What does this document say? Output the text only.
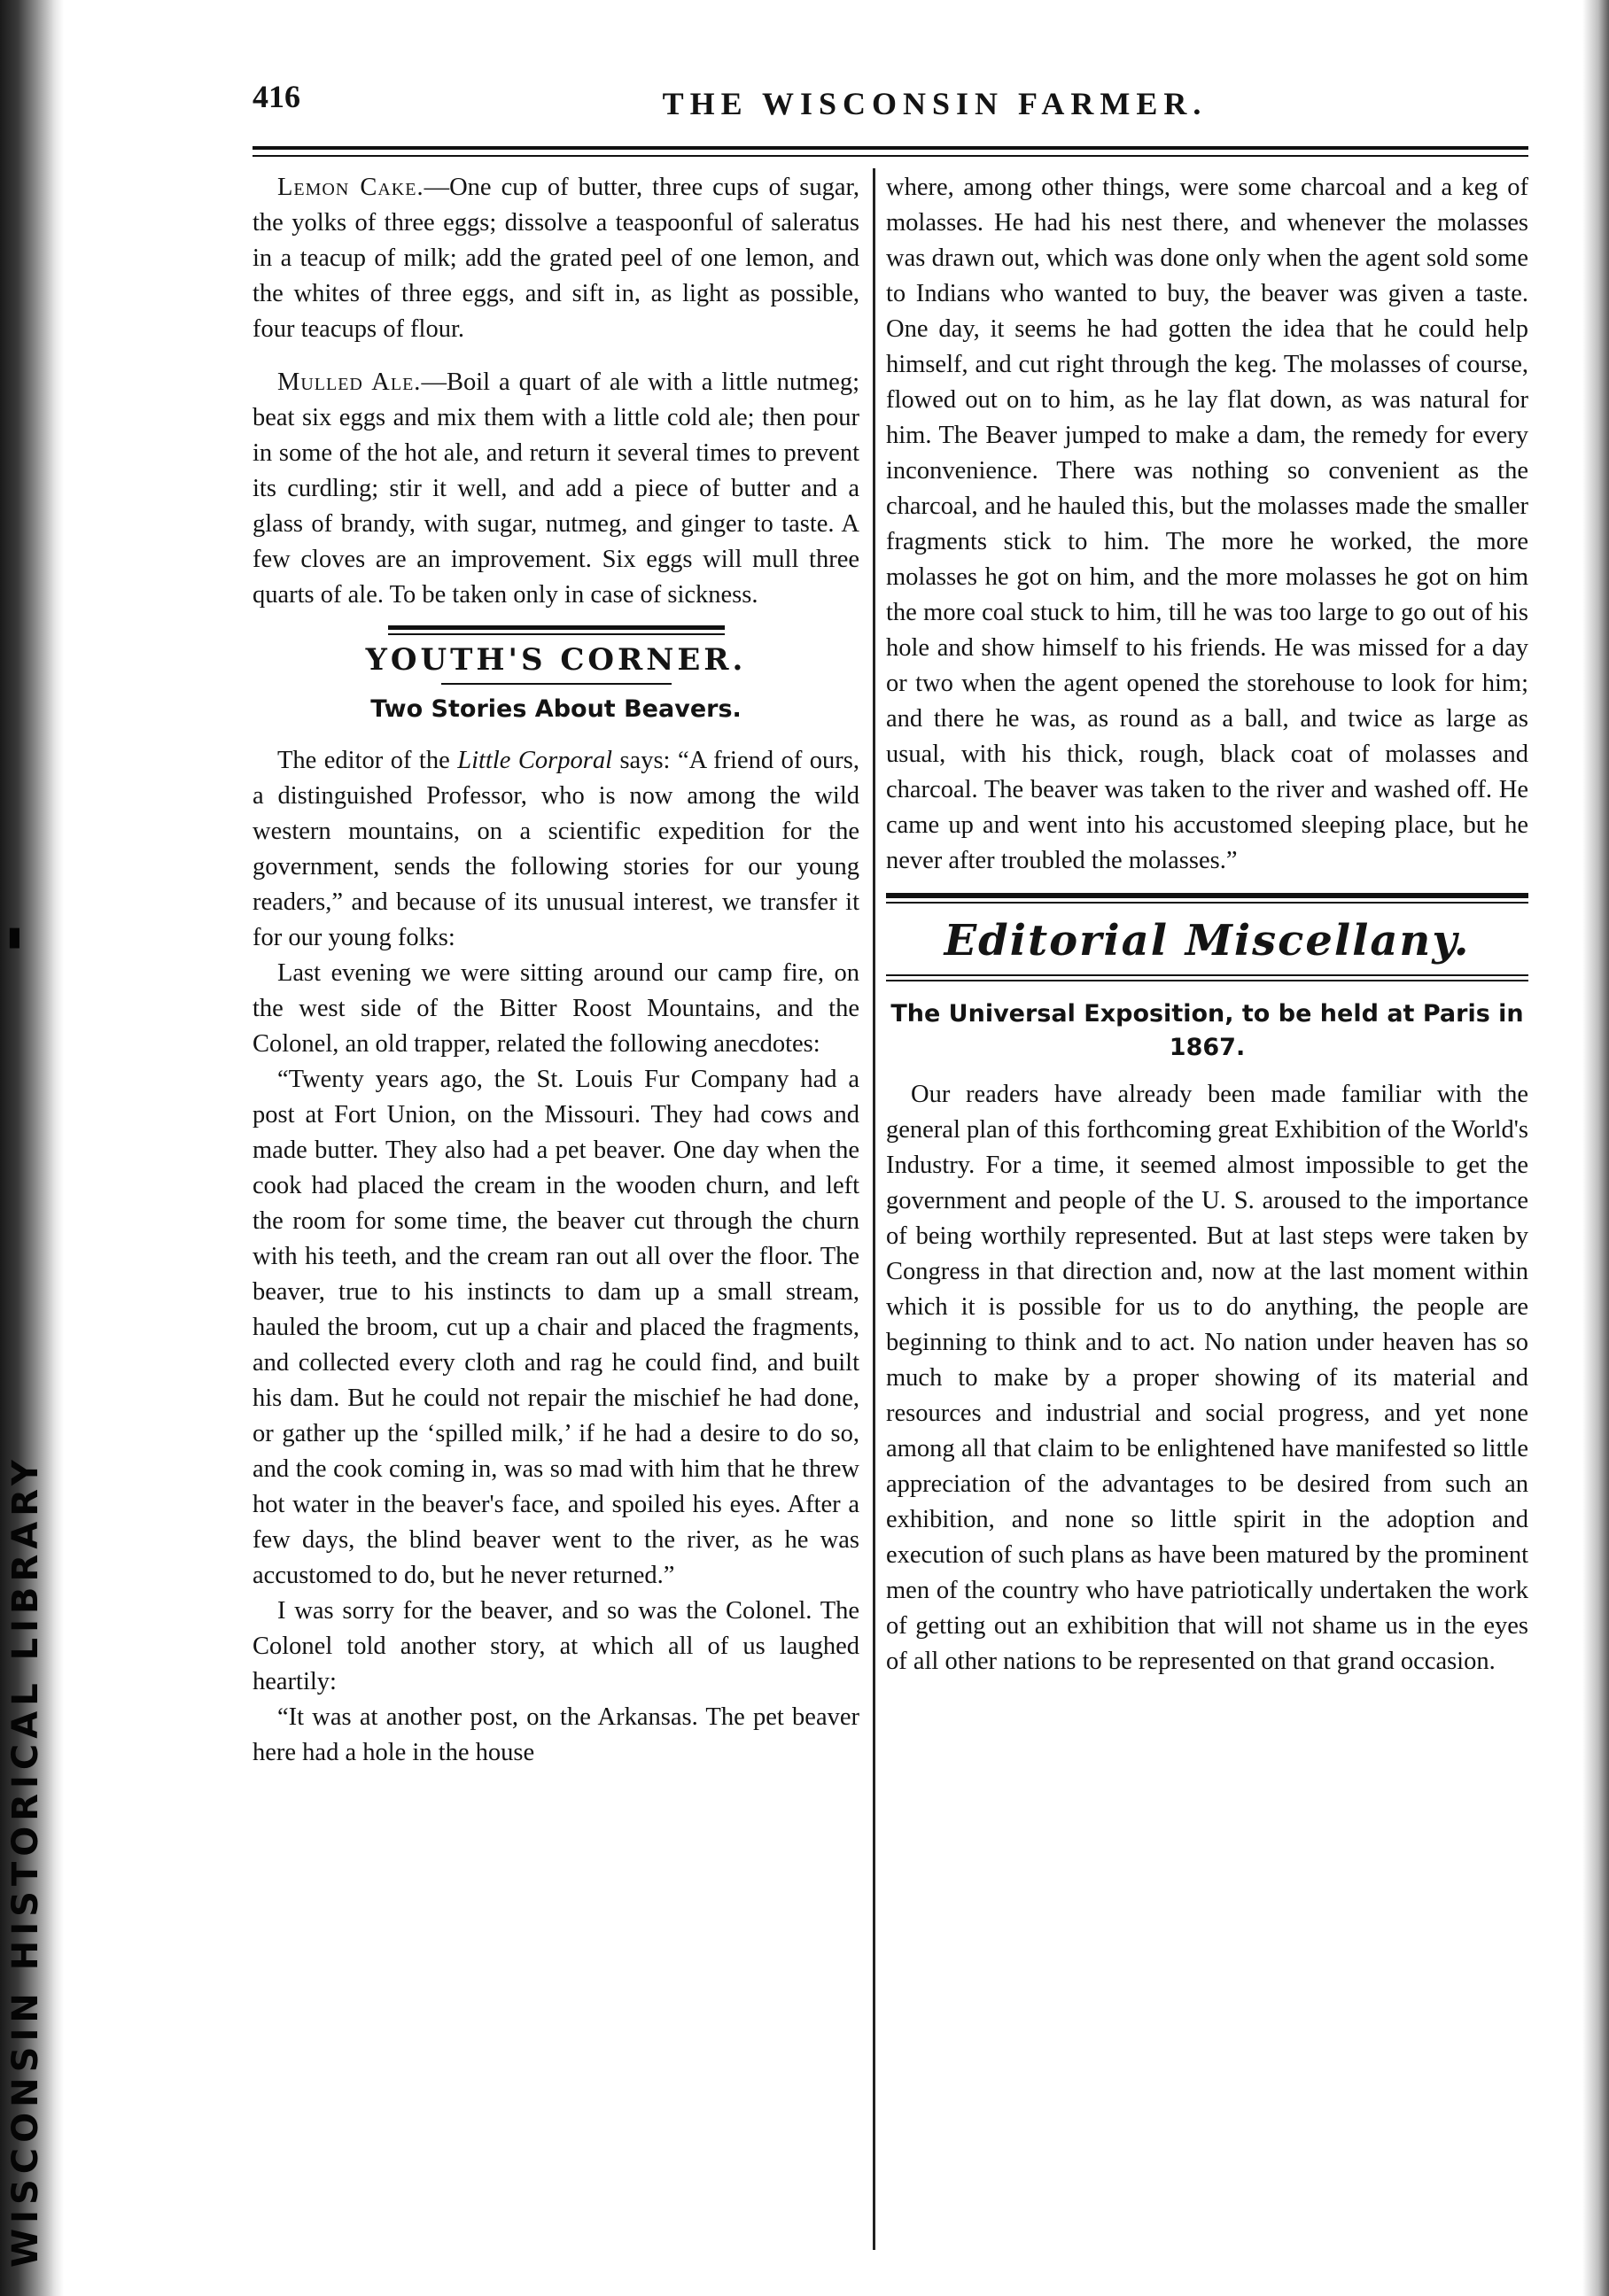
▮
WISCONSIN HISTORICAL LIBRARY
416	THE WISCONSIN FARMER.

Lemon Cake.—One cup of butter, three cups of sugar, the yolks of three eggs; dissolve a teaspoonful of saleratus in a teacup of milk; add the grated peel of one lemon, and the whites of three eggs, and sift in, as light as possible, four teacups of flour.

Mulled Ale.—Boil a quart of ale with a little nutmeg; beat six eggs and mix them with a little cold ale; then pour in some of the hot ale, and return it several times to prevent its curdling; stir it well, and add a piece of butter and a glass of brandy, with sugar, nutmeg, and ginger to taste. A few cloves are an improvement. Six eggs will mull three quarts of ale. To be taken only in case of sickness.

YOUTH'S CORNER.
Two Stories About Beavers.

The editor of the Little Corporal says: “A friend of ours, a distinguished Professor, who is now among the wild western mountains, on a scientific expedition for the government, sends the following stories for our young readers,” and because of its unusual interest, we transfer it for our young folks:

Last evening we were sitting around our camp fire, on the west side of the Bitter Roost Mountains, and the Colonel, an old trapper, related the following anecdotes:

“Twenty years ago, the St. Louis Fur Company had a post at Fort Union, on the Missouri. They had cows and made butter. They also had a pet beaver. One day when the cook had placed the cream in the wooden churn, and left the room for some time, the beaver cut through the churn with his teeth, and the cream ran out all over the floor. The beaver, true to his instincts to dam up a small stream, hauled the broom, cut up a chair and placed the fragments, and collected every cloth and rag he could find, and built his dam. But he could not repair the mischief he had done, or gather up the ‘spilled milk,’ if he had a desire to do so, and the cook coming in, was so mad with him that he threw hot water in the beaver's face, and spoiled his eyes. After a few days, the blind beaver went to the river, as he was accustomed to do, but he never returned.”

I was sorry for the beaver, and so was the Colonel. The Colonel told another story, at which all of us laughed heartily:

“It was at another post, on the Arkansas. The pet beaver here had a hole in the house

where, among other things, were some charcoal and a keg of molasses. He had his nest there, and whenever the molasses was drawn out, which was done only when the agent sold some to Indians who wanted to buy, the beaver was given a taste. One day, it seems he had gotten the idea that he could help himself, and cut right through the keg. The molasses of course, flowed out on to him, as he lay flat down, as was natural for him. The Beaver jumped to make a dam, the remedy for every inconvenience. There was nothing so convenient as the charcoal, and he hauled this, but the molasses made the smaller fragments stick to him. The more he worked, the more molasses he got on him, and the more molasses he got on him the more coal stuck to him, till he was too large to go out of his hole and show himself to his friends. He was missed for a day or two when the agent opened the storehouse to look for him; and there he was, as round as a ball, and twice as large as usual, with his thick, rough, black coat of molasses and charcoal. The beaver was taken to the river and washed off. He came up and went into his accustomed sleeping place, but he never after troubled the molasses.”

Editorial Miscellany.
The Universal Exposition, to be held at Paris in 1867.

Our readers have already been made familiar with the general plan of this forthcoming great Exhibition of the World's Industry. For a time, it seemed almost impossible to get the government and people of the U. S. aroused to the importance of being worthily represented. But at last steps were taken by Congress in that direction and, now at the last moment within which it is possible for us to do anything, the people are beginning to think and to act. No nation under heaven has so much to make by a proper showing of its material and resources and industrial and social progress, and yet none among all that claim to be enlightened have manifested so little appreciation of the advantages to be desired from such an exhibition, and none so little spirit in the adoption and execution of such plans as have been matured by the prominent men of the country who have patriotically undertaken the work of getting out an exhibition that will not shame us in the eyes of all other nations to be represented on that grand occasion.
